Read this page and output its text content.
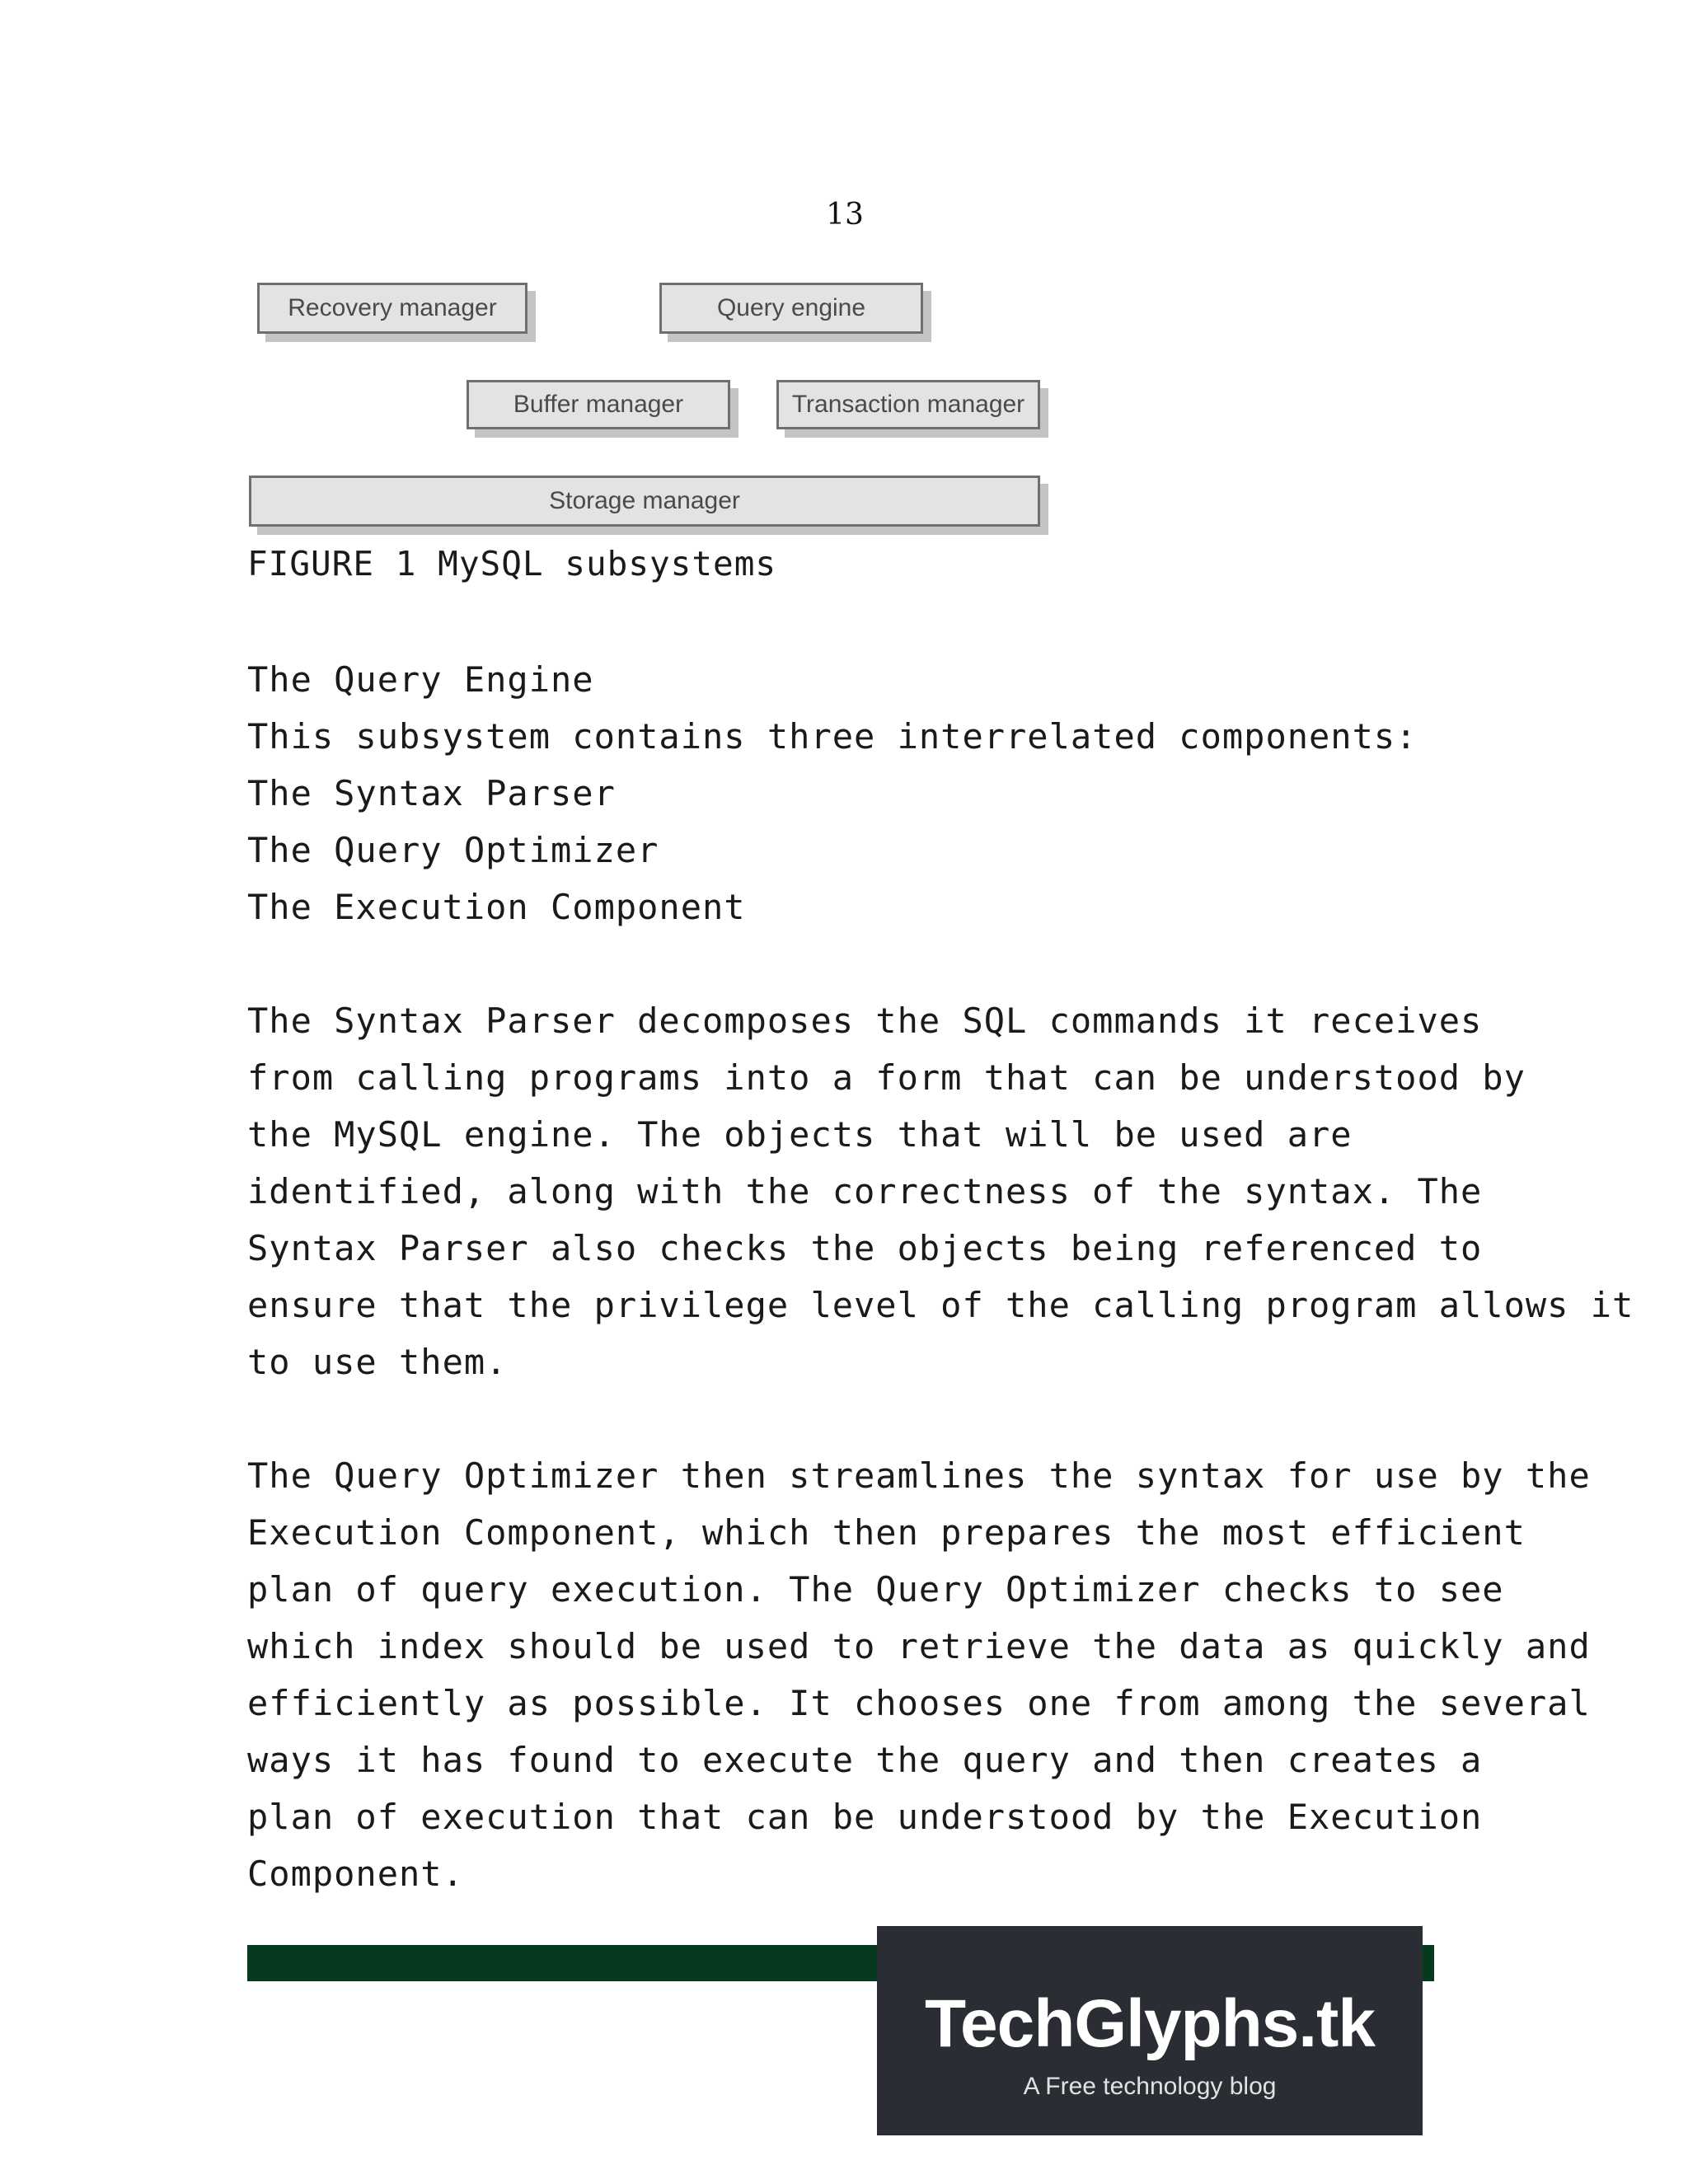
13
Recovery manager	Query engine
Buffer manager	Transaction manager
Storage manager
FIGURE 1 MySQL subsystems
The Query Engine
This subsystem contains three interrelated components:
The Syntax Parser
The Query Optimizer
The Execution Component
The Syntax Parser decomposes the SQL commands it receives
from calling programs into a form that can be understood by
the MySQL engine. The objects that will be used are
identified, along with the correctness of the syntax. The
Syntax Parser also checks the objects being referenced to
ensure that the privilege level of the calling program allows it
to use them.
The Query Optimizer then streamlines the syntax for use by the
Execution Component, which then prepares the most efficient
plan of query execution. The Query Optimizer checks to see
which index should be used to retrieve the data as quickly and
efficiently as possible. It chooses one from among the several
ways it has found to execute the query and then creates a
plan of execution that can be understood by the Execution
Component.
TechGlyphs.tk
A Free technology blog
